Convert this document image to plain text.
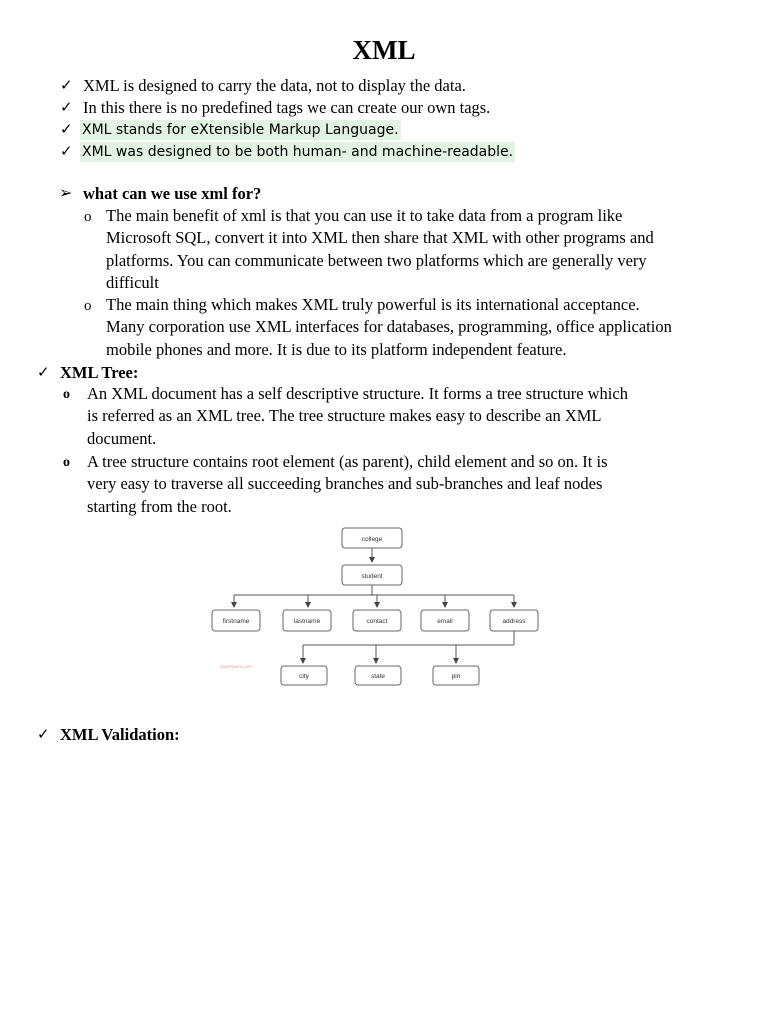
XML
✓ XML is designed to carry the data, not to display the data.
✓ In this there is no predefined tags we can create our own tags.
✓ XML stands for eXtensible Markup Language.
✓ XML was designed to be both human- and machine-readable.
➢ what can we use xml for?
o The main benefit of xml is that you can use it to take data from a program like
Microsoft SQL, convert it into XML then share that XML with other programs and
platforms. You can communicate between two platforms which are generally very
difficult
o The main thing which makes XML truly powerful is its international acceptance.
Many corporation use XML interfaces for databases, programming, office application
mobile phones and more. It is due to its platform independent feature.
✓ XML Tree:
o An XML document has a self descriptive structure. It forms a tree structure which
is referred as an XML tree. The tree structure makes easy to describe an XML
document.
o A tree structure contains root element (as parent), child element and so on. It is
very easy to traverse all succeeding branches and sub-branches and leaf nodes
starting from the root.
college
student
firstname	lastname	contact	email	address
city	state	pin
JavaTpoint.com
✓ XML Validation:
